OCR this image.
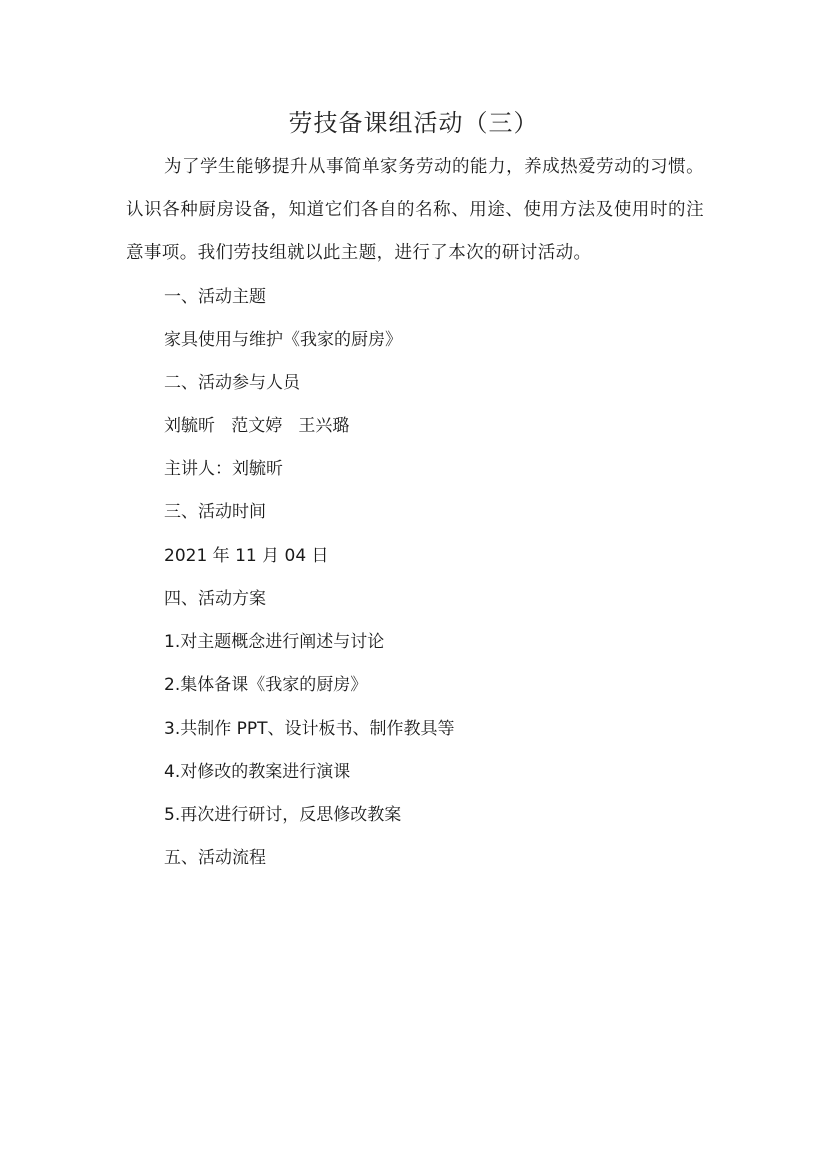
劳技备课组活动（三）
为了学生能够提升从事简单家务劳动的能力，养成热爱劳动的习惯。认识各种厨房设备，知道它们各自的名称、用途、使用方法及使用时的注意事项。我们劳技组就以此主题，进行了本次的研讨活动。
一、活动主题
家具使用与维护《我家的厨房》
二、活动参与人员
刘毓昕   范文婷   王兴璐
主讲人：刘毓昕
三、活动时间
2021 年 11 月 04 日
四、活动方案
1.对主题概念进行阐述与讨论
2.集体备课《我家的厨房》
3.共制作 PPT、设计板书、制作教具等
4.对修改的教案进行演课
5.再次进行研讨，反思修改教案
五、活动流程
